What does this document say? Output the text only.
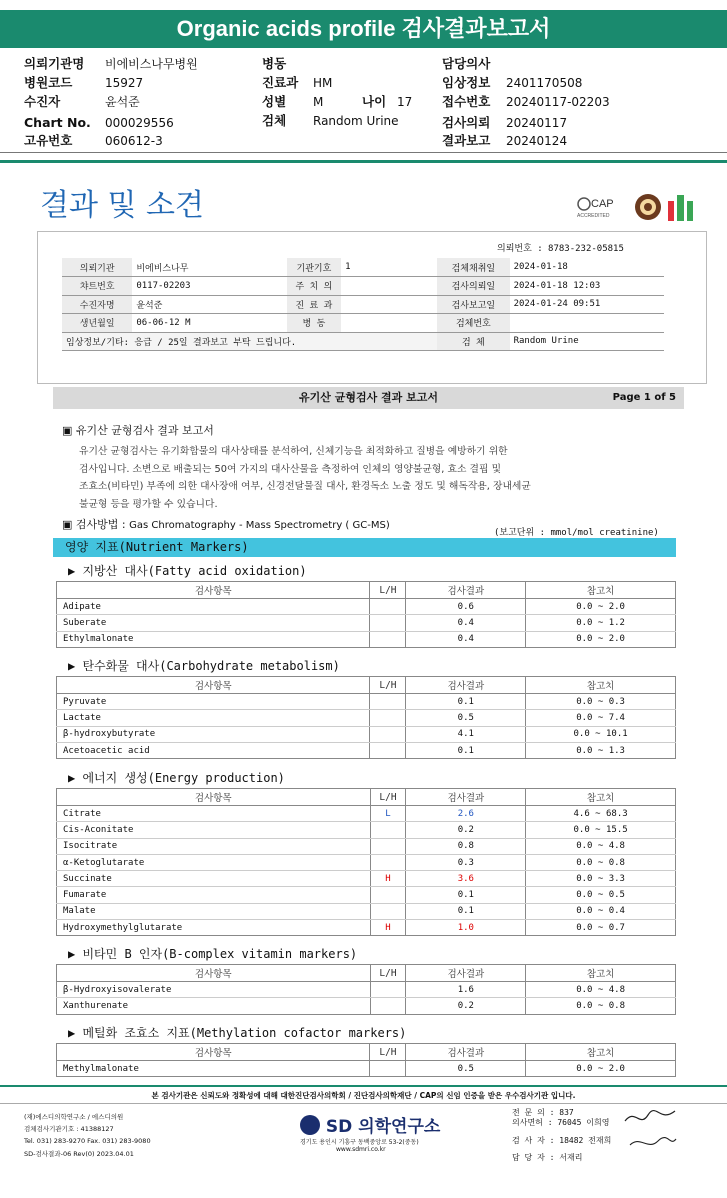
Organic acids profile 검사결과보고서
의뢰기관명 비에비스나무병원
병원코드	15927
수진자	윤석준
Chart No. 000029556
고유번호	060612-3
병동
진료과 HM
성별 M
검체 Random Urine
나이 17
담당의사
임상정보 2401170508
접수번호 20240117-02203
검사의뢰 20240117
결과보고 20240124
결과 및 소견	CAP
ACCREDITED
의뢰번호 : 8783-232-05815
의뢰기관	비에비스나무	기관기호	1	검체채취일	2024-01-18
챠트번호	0117-02203	주 치 의		검사의뢰일	2024-01-18 12:03
수진자명	윤석준	진 료 과		검사보고일	2024-01-24 09:51
생년월일	06-06-12 M	병 동		검체번호	
임상정보/기타: 응급 / 25일 결과보고 부탁 드립니다.				검 체	Random Urine
유기산 균형검사 결과 보고서	Page 1 of 5
▣ 유기산 균형검사 결과 보고서
유기산 균형검사는 유기화합물의 대사상태를 분석하여, 신체기능을 최적화하고 질병을 예방하기 위한
검사입니다. 소변으로 배출되는 50여 가지의 대사산물을 측정하여 인체의 영양불균형, 효소 결핍 및
조효소(비타민) 부족에 의한 대사장애 여부, 신경전달물질 대사, 환경독소 노출 정도 및 해독작용, 장내세균
불균형 등을 평가할 수 있습니다.
▣ 검사방법 : Gas Chromatography - Mass Spectrometry ( GC-MS)
(보고단위 : mmol/mol creatinine)
영양 지표(Nutrient Markers)
▶ 지방산 대사(Fatty acid oxidation)
검사항목	L/H	검사결과	참고치
Adipate		0.6	0.0 ~ 2.0
Suberate		0.4	0.0 ~ 1.2
Ethylmalonate		0.4	0.0 ~ 2.0
▶ 탄수화물 대사(Carbohydrate metabolism)
검사항목	L/H	검사결과	참고치
Pyruvate		0.1	0.0 ~ 0.3
Lactate		0.5	0.0 ~ 7.4
β-hydroxybutyrate		4.1	0.0 ~ 10.1
Acetoacetic acid		0.1	0.0 ~ 1.3
▶ 에너지 생성(Energy production)
검사항목	L/H	검사결과	참고치
Citrate	L	2.6	4.6 ~ 68.3
Cis-Aconitate		0.2	0.0 ~ 15.5
Isocitrate		0.8	0.0 ~ 4.8
α-Ketoglutarate		0.3	0.0 ~ 0.8
Succinate	H	3.6	0.0 ~ 3.3
Fumarate		0.1	0.0 ~ 0.5
Malate		0.1	0.0 ~ 0.4
Hydroxymethylglutarate	H	1.0	0.0 ~ 0.7
▶ 비타민 B 인자(B-complex vitamin markers)
검사항목	L/H	검사결과	참고치
β-Hydroxyisovalerate		1.6	0.0 ~ 4.8
Xanthurenate		0.2	0.0 ~ 0.8
▶ 메틸화 조효소 지표(Methylation cofactor markers)
검사항목	L/H	검사결과	참고치
Methylmalonate		0.5	0.0 ~ 2.0
본 검사기관은 신뢰도와 정확성에 대해 대한진단검사의학회 / 진단검사의학재단 / CAP의 신임 인증을 받은 우수검사기관 입니다.
(재)에스디의학연구소 / 에스디의원
검체검사기관기호 : 41388127
Tel. 031) 283-9270 Fax. 031) 283-9080
SD-검사결과-06 Rev(0) 2023.04.01
SD 의학연구소
경기도 용인시 기흥구 동백중앙로 53-2(중동)
www.sdmri.co.kr
전 문 의 : 837
의사면허 : 76045 이희영
검 사 자 : 18482 전재희
담 당 자 : 서재리
